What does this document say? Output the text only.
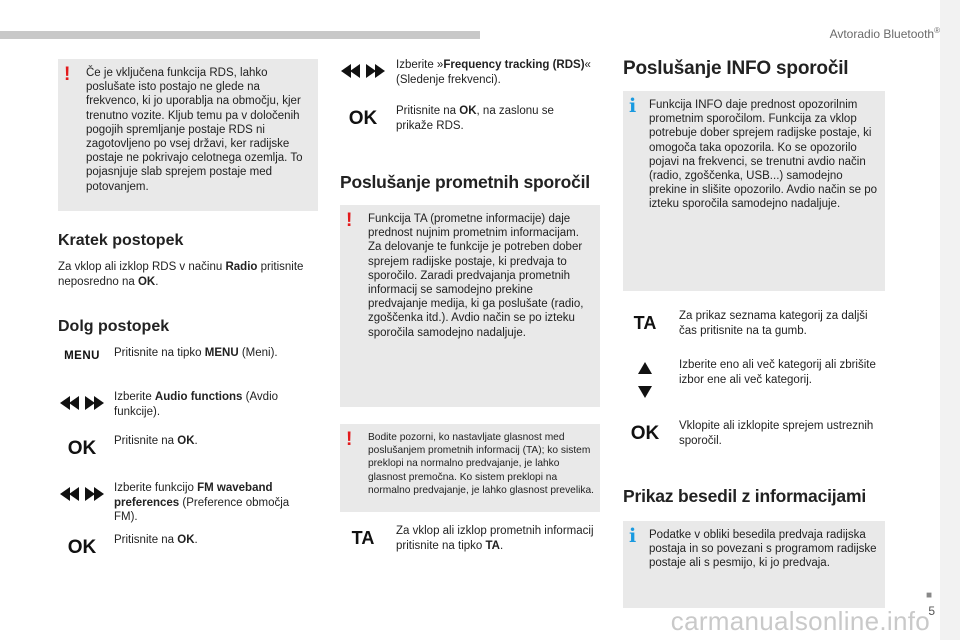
Avtoradio Bluetooth®
■
5
! Če je vključena funkcija RDS, lahko poslušate isto postajo ne glede na frekvenco, ki jo uporablja na območju, kjer trenutno vozite. Kljub temu pa v določenih pogojih spremljanje postaje RDS ni zagotovljeno po vsej državi, ker radijske postaje ne pokrivajo celotnega ozemlja. To pojasnjuje slab sprejem postaje med potovanjem.
Kratek postopek
Za vklop ali izklop RDS v načinu Radio pritisnite neposredno na OK.
Dolg postopek
MENU	Pritisnite na tipko MENU (Meni).
Izberite Audio functions (Avdio funkcije).
OK	Pritisnite na OK.
Izberite funkcijo FM waveband preferences (Preference območja FM).
OK	Pritisnite na OK.
Izberite »Frequency tracking (RDS)« (Sledenje frekvenci).
OK	Pritisnite na OK, na zaslonu se prikaže RDS.
Poslušanje prometnih sporočil
! Funkcija TA (prometne informacije) daje prednost nujnim prometnim informacijam. Za delovanje te funkcije je potreben dober sprejem radijske postaje, ki predvaja to sporočilo. Zaradi predvajanja prometnih informacij se samodejno prekine predvajanje medija, ki ga poslušate (radio, zgoščenka itd.). Avdio način se po izteku sporočila samodejno nadaljuje.
! Bodite pozorni, ko nastavljate glasnost med poslušanjem prometnih informacij (TA); ko sistem preklopi na normalno predvajanje, je lahko glasnost premočna. Ko sistem preklopi na normalno predvajanje, je lahko glasnost prevelika.
TA	Za vklop ali izklop prometnih informacij pritisnite na tipko TA.
Poslušanje INFO sporočil
i Funkcija INFO daje prednost opozorilnim prometnim sporočilom. Funkcija za vklop potrebuje dober sprejem radijske postaje, ki omogoča taka opozorila. Ko se opozorilo pojavi na frekvenci, se trenutni avdio način (radio, zgoščenka, USB...) samodejno prekine in slišite opozorilo. Avdio način se po izteku sporočila samodejno nadaljuje.
TA	Za prikaz seznama kategorij za daljši čas pritisnite na ta gumb.
Izberite eno ali več kategorij ali zbrišite izbor ene ali več kategorij.
OK	Vklopite ali izklopite sprejem ustreznih sporočil.
Prikaz besedil z informacijami
i Podatke v obliki besedila predvaja radijska postaja in so povezani s programom radijske postaje ali s pesmijo, ki jo predvaja.
carmanualsonline.info
